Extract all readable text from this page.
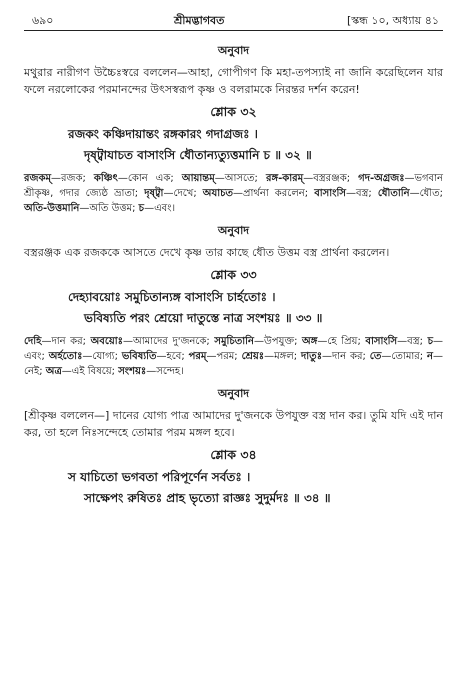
৬৯০	শ্রীমদ্ভাগবত	[স্কন্ধ ১০, অধ্যায় ৪১
অনুবাদ

মথুরার নারীগণ উচ্চৈঃস্বরে বললেন—আহা, গোপীগণ কি মহা-তপস্যাই না জানি করেছিলেন যার ফলে নরলোকের পরমানন্দের উৎসস্বরূপ কৃষ্ণ ও বলরামকে নিরন্তর দর্শন করেন!

শ্লোক ৩২
রজকং কঞ্চিদায়ান্তং রঙ্গকারং গদাগ্রজঃ ।
দৃষ্ট্বাযাচত বাসাংসি ধৌতান্যত্যুত্তমানি চ ॥ ৩২ ॥

রজকম্—রজক; কঞ্চিৎ—কোন এক; আয়ান্তম্—আসতে; রঙ্গ-কারম্—বস্ত্ররঞ্জক; গদ-অগ্রজঃ—ভগবান শ্রীকৃষ্ণ, গদার জ্যেষ্ঠ ভ্রাতা; দৃষ্ট্বা—দেখে; অযাচত—প্রার্থনা করলেন; বাসাংসি—বস্ত্র; ধৌতানি—ধৌত; অতি-উত্তমানি—অতি উত্তম; চ—এবং।

অনুবাদ

বস্ত্ররঞ্জক এক রজককে আসতে দেখে কৃষ্ণ তার কাছে ধৌত উত্তম বস্ত্র প্রার্থনা করলেন।

শ্লোক ৩৩
দেহ্যাবয়োঃ সমুচিতান্যঙ্গ বাসাংসি চার্হতোঃ ।
ভবিষ্যতি পরং শ্রেয়ো দাতুস্তে নাত্র সংশয়ঃ ॥ ৩৩ ॥

দেহি—দান কর; অবয়োঃ—আমাদের দু'জনকে; সমুচিতানি—উপযুক্ত; অঙ্গ—হে প্রিয়; বাসাংসি—বস্ত্র; চ—এবং; অর্হতোঃ—যোগ্য; ভবিষ্যতি—হবে; পরম্—পরম; শ্রেয়ঃ—মঙ্গল; দাতুঃ—দান কর; তে—তোমার; ন—নেই; অত্র—এই বিষয়ে; সংশয়ঃ—সন্দেহ।

অনুবাদ

[শ্রীকৃষ্ণ বললেন—] দানের যোগ্য পাত্র আমাদের দু'জনকে উপযুক্ত বস্ত্র দান কর। তুমি যদি এই দান কর, তা হলে নিঃসন্দেহে তোমার পরম মঙ্গল হবে।

শ্লোক ৩৪
স যাচিতো ভগবতা পরিপূর্ণেন সর্বতঃ ।
সাক্ষেপং রুষিতঃ প্রাহ ভৃত্যো রাজ্ঞঃ সুদুর্মদঃ ॥ ৩৪ ॥
